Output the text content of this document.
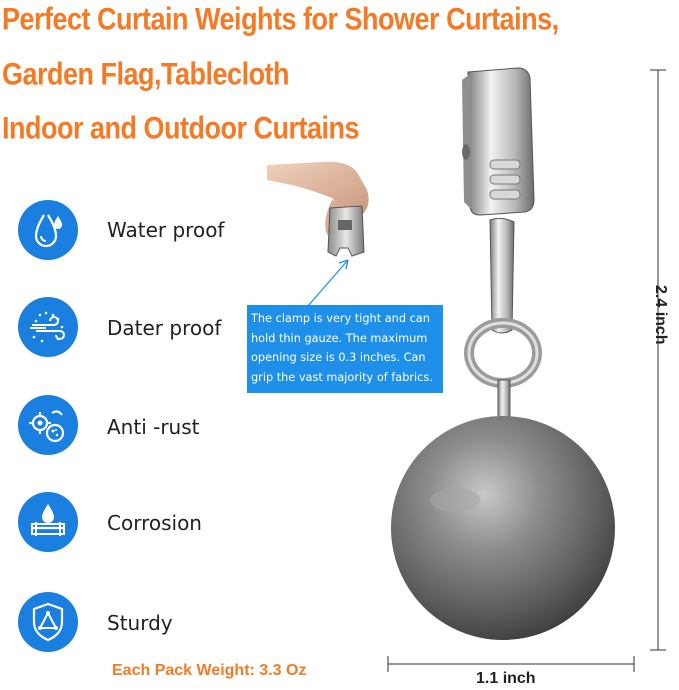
Perfect Curtain Weights for Shower Curtains,
Garden Flag,Tablecloth
Indoor and Outdoor Curtains
The clamp is very tight and can
hold thin gauze. The maximum
opening size is 0.3 inches. Can
grip the vast majority of fabrics.
2.4 inch
1.1 inch
Water proof
Dater proof
Anti -rust
Corrosion
Sturdy
Each Pack Weight: 3.3 Oz
